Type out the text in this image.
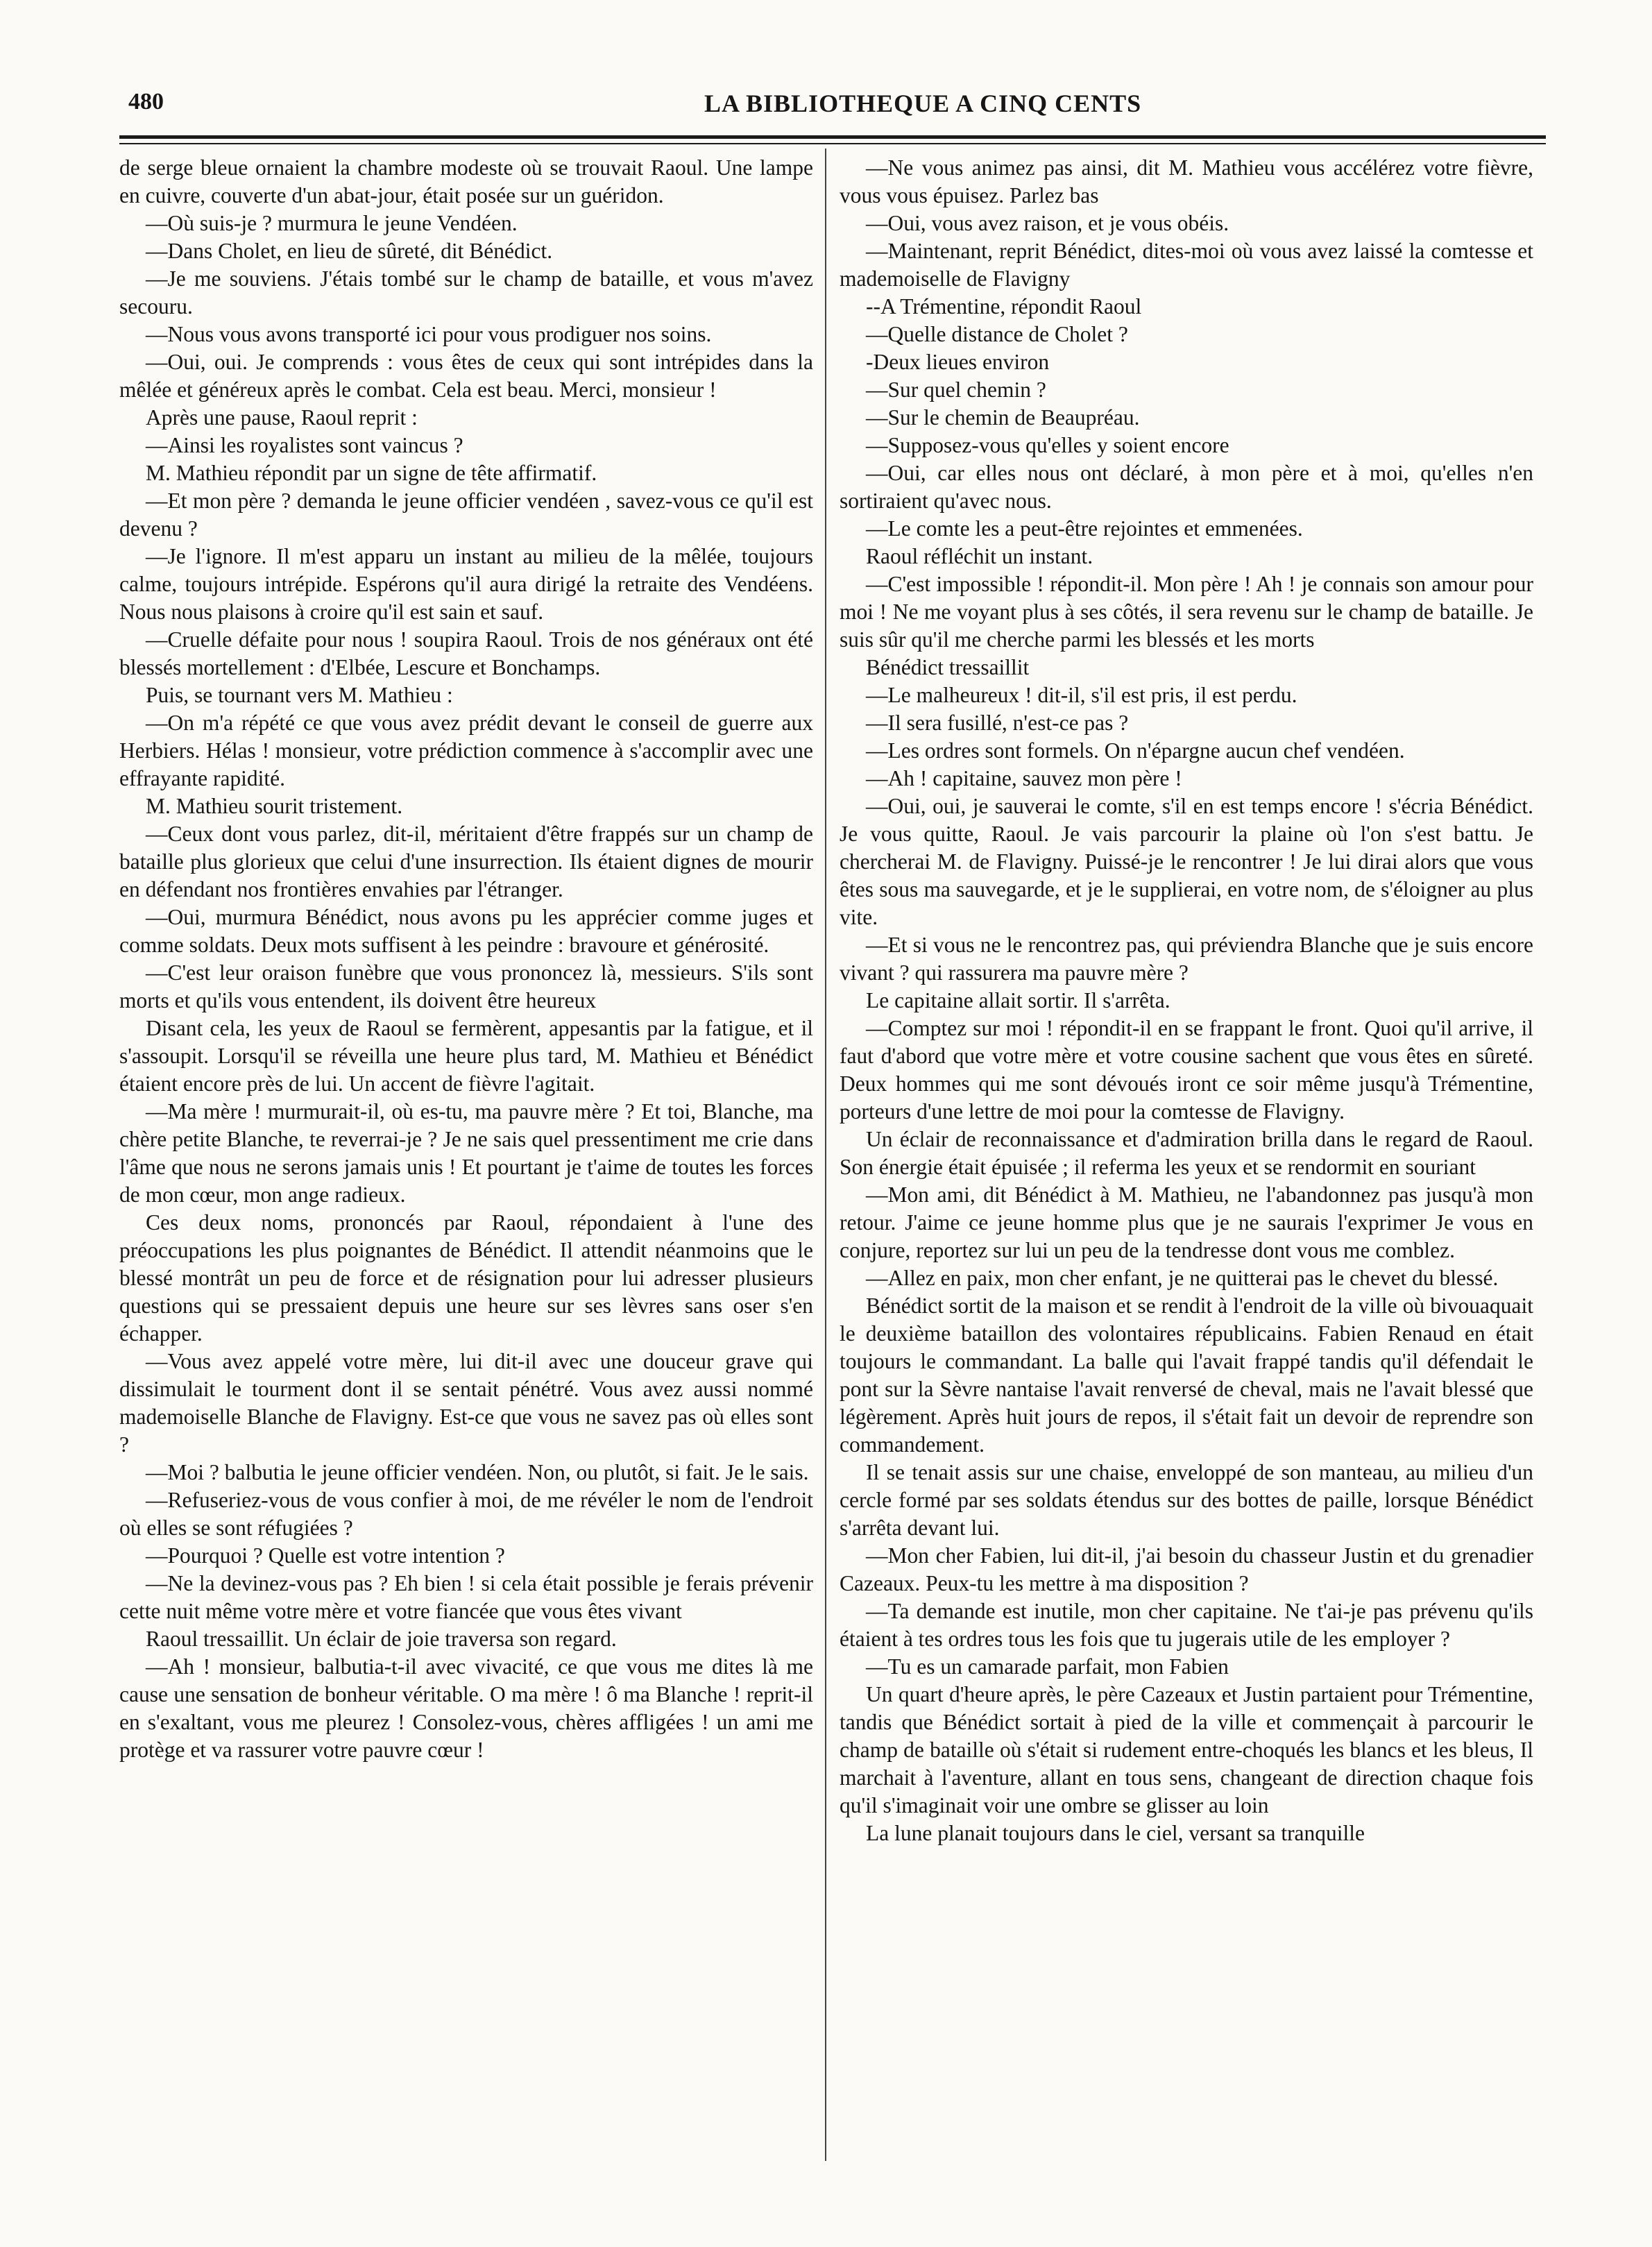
480	LA BIBLIOTHEQUE A CINQ CENTS

de serge bleue ornaient la chambre modeste où se trouvait Raoul. Une lampe en cuivre, couverte d'un abat-jour, était posée sur un guéridon.

—Où suis-je ? murmura le jeune Vendéen.

—Dans Cholet, en lieu de sûreté, dit Bénédict.

—Je me souviens. J'étais tombé sur le champ de bataille, et vous m'avez secouru.

—Nous vous avons transporté ici pour vous prodiguer nos soins.

—Oui, oui. Je comprends : vous êtes de ceux qui sont intrépides dans la mêlée et généreux après le combat. Cela est beau. Merci, monsieur !

Après une pause, Raoul reprit :

—Ainsi les royalistes sont vaincus ?

M. Mathieu répondit par un signe de tête affirmatif.

—Et mon père ? demanda le jeune officier vendéen , savez-vous ce qu'il est devenu ?

—Je l'ignore. Il m'est apparu un instant au milieu de la mêlée, toujours calme, toujours intrépide. Espérons qu'il aura dirigé la retraite des Vendéens. Nous nous plaisons à croire qu'il est sain et sauf.

—Cruelle défaite pour nous ! soupira Raoul. Trois de nos généraux ont été blessés mortellement : d'Elbée, Lescure et Bonchamps.

Puis, se tournant vers M. Mathieu :

—On m'a répété ce que vous avez prédit devant le conseil de guerre aux Herbiers. Hélas ! monsieur, votre prédiction commence à s'accomplir avec une effrayante rapidité.

M. Mathieu sourit tristement.

—Ceux dont vous parlez, dit-il, méritaient d'être frappés sur un champ de bataille plus glorieux que celui d'une insurrection. Ils étaient dignes de mourir en défendant nos frontières envahies par l'étranger.

—Oui, murmura Bénédict, nous avons pu les apprécier comme juges et comme soldats. Deux mots suffisent à les peindre : bravoure et générosité.

—C'est leur oraison funèbre que vous prononcez là, messieurs. S'ils sont morts et qu'ils vous entendent, ils doivent être heureux

Disant cela, les yeux de Raoul se fermèrent, appesantis par la fatigue, et il s'assoupit. Lorsqu'il se réveilla une heure plus tard, M. Mathieu et Bénédict étaient encore près de lui. Un accent de fièvre l'agitait.

—Ma mère ! murmurait-il, où es-tu, ma pauvre mère ? Et toi, Blanche, ma chère petite Blanche, te reverrai-je ? Je ne sais quel pressentiment me crie dans l'âme que nous ne serons jamais unis ! Et pourtant je t'aime de toutes les forces de mon cœur, mon ange radieux.

Ces deux noms, prononcés par Raoul, répondaient à l'une des préoccupations les plus poignantes de Bénédict. Il attendit néanmoins que le blessé montrât un peu de force et de résignation pour lui adresser plusieurs questions qui se pressaient depuis une heure sur ses lèvres sans oser s'en échapper.

—Vous avez appelé votre mère, lui dit-il avec une douceur grave qui dissimulait le tourment dont il se sentait pénétré. Vous avez aussi nommé mademoiselle Blanche de Flavigny. Est-ce que vous ne savez pas où elles sont ?

—Moi ? balbutia le jeune officier vendéen. Non, ou plutôt, si fait. Je le sais.

—Refuseriez-vous de vous confier à moi, de me révéler le nom de l'endroit où elles se sont réfugiées ?

—Pourquoi ? Quelle est votre intention ?

—Ne la devinez-vous pas ? Eh bien ! si cela était possible je ferais prévenir cette nuit même votre mère et votre fiancée que vous êtes vivant

Raoul tressaillit. Un éclair de joie traversa son regard.

—Ah ! monsieur, balbutia-t-il avec vivacité, ce que vous me dites là me cause une sensation de bonheur véritable. O ma mère ! ô ma Blanche ! reprit-il en s'exaltant, vous me pleurez ! Consolez-vous, chères affligées ! un ami me protège et va rassurer votre pauvre cœur !

—Ne vous animez pas ainsi, dit M. Mathieu vous accélérez votre fièvre, vous vous épuisez. Parlez bas

—Oui, vous avez raison, et je vous obéis.

—Maintenant, reprit Bénédict, dites-moi où vous avez laissé la comtesse et mademoiselle de Flavigny

--A Trémentine, répondit Raoul

—Quelle distance de Cholet ?

-Deux lieues environ

—Sur quel chemin ?

—Sur le chemin de Beaupréau.

—Supposez-vous qu'elles y soient encore

—Oui, car elles nous ont déclaré, à mon père et à moi, qu'elles n'en sortiraient qu'avec nous.

—Le comte les a peut-être rejointes et emmenées.

Raoul réfléchit un instant.

—C'est impossible ! répondit-il. Mon père ! Ah ! je connais son amour pour moi ! Ne me voyant plus à ses côtés, il sera revenu sur le champ de bataille. Je suis sûr qu'il me cherche parmi les blessés et les morts

Bénédict tressaillit

—Le malheureux ! dit-il, s'il est pris, il est perdu.

—Il sera fusillé, n'est-ce pas ?

—Les ordres sont formels. On n'épargne aucun chef vendéen.

—Ah ! capitaine, sauvez mon père !

—Oui, oui, je sauverai le comte, s'il en est temps encore ! s'écria Bénédict. Je vous quitte, Raoul. Je vais parcourir la plaine où l'on s'est battu. Je chercherai M. de Flavigny. Puissé-je le rencontrer ! Je lui dirai alors que vous êtes sous ma sauvegarde, et je le supplierai, en votre nom, de s'éloigner au plus vite.

—Et si vous ne le rencontrez pas, qui préviendra Blanche que je suis encore vivant ? qui rassurera ma pauvre mère ?

Le capitaine allait sortir. Il s'arrêta.

—Comptez sur moi ! répondit-il en se frappant le front. Quoi qu'il arrive, il faut d'abord que votre mère et votre cousine sachent que vous êtes en sûreté. Deux hommes qui me sont dévoués iront ce soir même jusqu'à Trémentine, porteurs d'une lettre de moi pour la comtesse de Flavigny.

Un éclair de reconnaissance et d'admiration brilla dans le regard de Raoul. Son énergie était épuisée ; il referma les yeux et se rendormit en souriant

—Mon ami, dit Bénédict à M. Mathieu, ne l'abandonnez pas jusqu'à mon retour. J'aime ce jeune homme plus que je ne saurais l'exprimer Je vous en conjure, reportez sur lui un peu de la tendresse dont vous me comblez.

—Allez en paix, mon cher enfant, je ne quitterai pas le chevet du blessé.

Bénédict sortit de la maison et se rendit à l'endroit de la ville où bivouaquait le deuxième bataillon des volontaires républicains. Fabien Renaud en était toujours le commandant. La balle qui l'avait frappé tandis qu'il défendait le pont sur la Sèvre nantaise l'avait renversé de cheval, mais ne l'avait blessé que légèrement. Après huit jours de repos, il s'était fait un devoir de reprendre son commandement.

Il se tenait assis sur une chaise, enveloppé de son manteau, au milieu d'un cercle formé par ses soldats étendus sur des bottes de paille, lorsque Bénédict s'arrêta devant lui.

—Mon cher Fabien, lui dit-il, j'ai besoin du chasseur Justin et du grenadier Cazeaux. Peux-tu les mettre à ma disposition ?

—Ta demande est inutile, mon cher capitaine. Ne t'ai-je pas prévenu qu'ils étaient à tes ordres tous les fois que tu jugerais utile de les employer ?

—Tu es un camarade parfait, mon Fabien

Un quart d'heure après, le père Cazeaux et Justin partaient pour Trémentine, tandis que Bénédict sortait à pied de la ville et commençait à parcourir le champ de bataille où s'était si rudement entre-choqués les blancs et les bleus, Il marchait à l'aventure, allant en tous sens, changeant de direction chaque fois qu'il s'imaginait voir une ombre se glisser au loin

La lune planait toujours dans le ciel, versant sa tranquille
